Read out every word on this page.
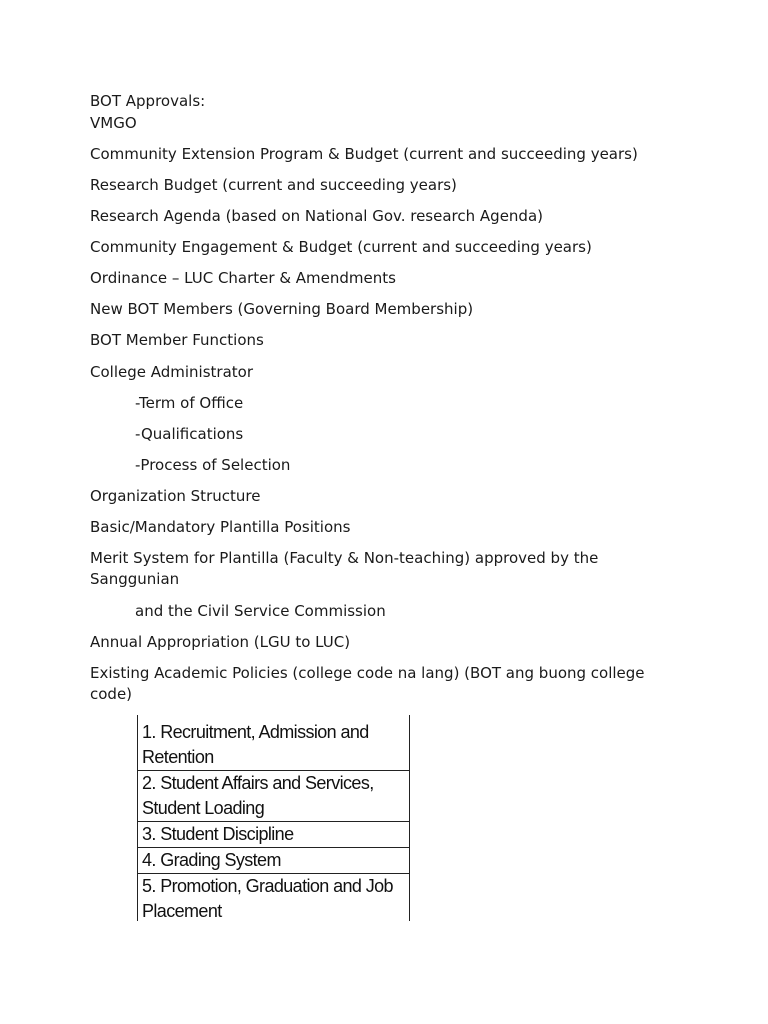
BOT Approvals:

VMGO

Community Extension Program & Budget (current and succeeding years)

Research Budget (current and succeeding years)

Research Agenda (based on National Gov. research Agenda)

Community Engagement & Budget (current and succeeding years)

Ordinance – LUC Charter & Amendments

New BOT Members (Governing Board Membership)

BOT Member Functions

College Administrator

-Term of Office

-Qualifications

-Process of Selection

Organization Structure

Basic/Mandatory Plantilla Positions

Merit System for Plantilla (Faculty & Non-teaching) approved by the Sanggunian

and the Civil Service Commission

Annual Appropriation (LGU to LUC)

Existing Academic Policies (college code na lang) (BOT ang buong college code)

1. Recruitment, Admission and Retention
2. Student Affairs and Services, Student Loading
3. Student Discipline
4. Grading System
5. Promotion, Graduation and Job Placement
